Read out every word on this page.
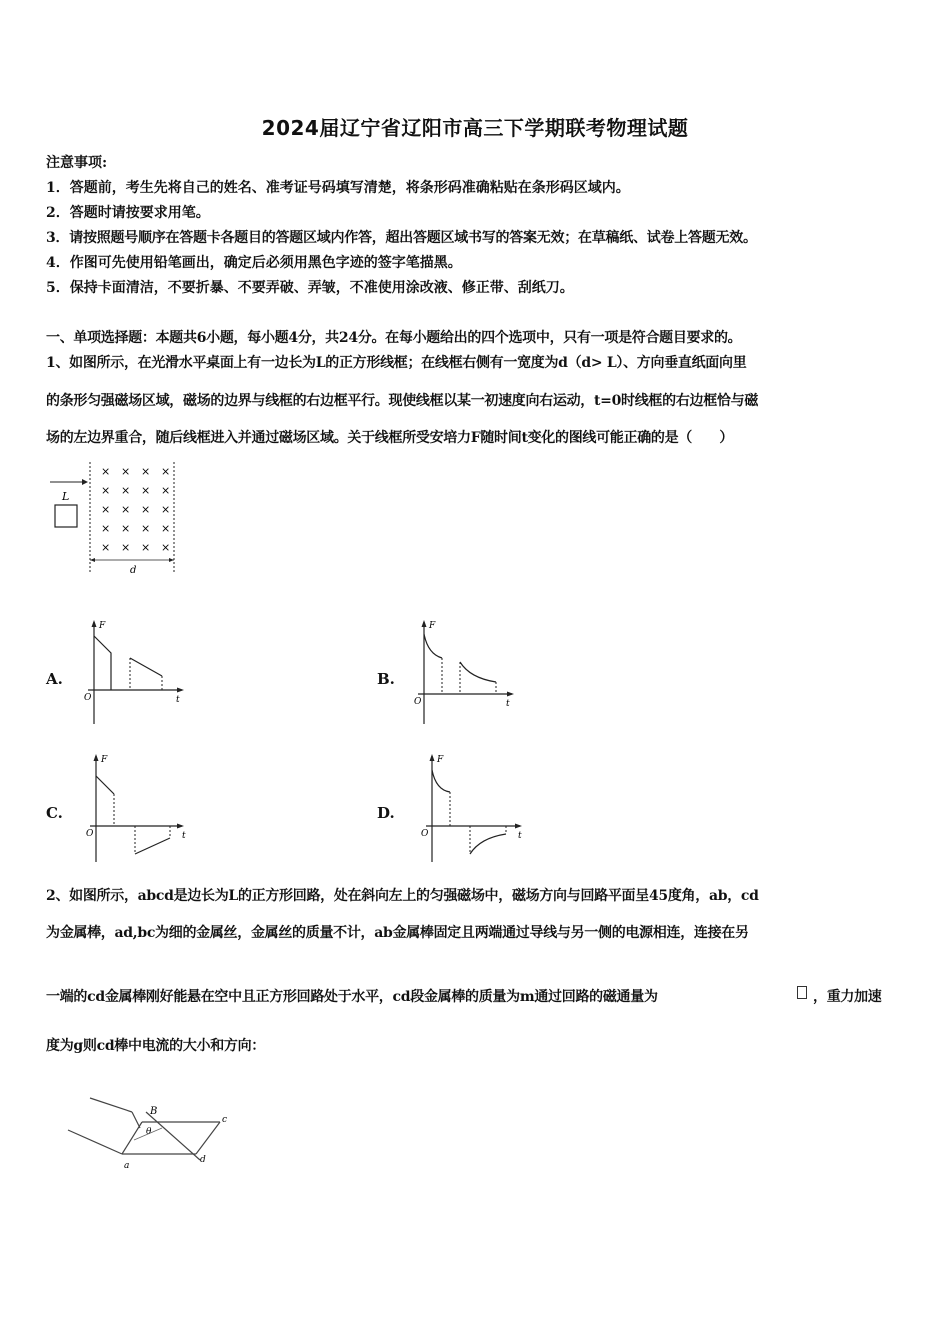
2024届辽宁省辽阳市高三下学期联考物理试题
注意事项:
1．答题前，考生先将自己的姓名、准考证号码填写清楚，将条形码准确粘贴在条形码区域内。
2．答题时请按要求用笔。
3．请按照题号顺序在答题卡各题目的答题区域内作答，超出答题区域书写的答案无效；在草稿纸、试卷上答题无效。
4．作图可先使用铅笔画出，确定后必须用黑色字迹的签字笔描黑。
5．保持卡面清洁，不要折暴、不要弄破、弄皱，不准使用涂改液、修正带、刮纸刀。
一、单项选择题：本题共6小题，每小题4分，共24分。在每小题给出的四个选项中，只有一项是符合题目要求的。
1、如图所示，在光滑水平桌面上有一边长为L的正方形线框；在线框右侧有一宽度为d（d> L）、方向垂直纸面向里
的条形匀强磁场区域，磁场的边界与线框的右边框平行。现使线框以某一初速度向右运动，t=0时线框的右边框恰与磁
场的左边界重合，随后线框进入并通过磁场区域。关于线框所受安培力F随时间t变化的图线可能正确的是（　　）
L
× × × ×
× × × ×
× × × ×
× × × ×
× × × ×
d
A.	B.
C.	D.
F
t
O
F
t
O
F
t
O
F
t
O
2、如图所示，abcd是边长为L的正方形回路，处在斜向左上的匀强磁场中，磁场方向与回路平面呈45度角，ab，cd
为金属棒，ad,bc为细的金属丝，金属丝的质量不计，ab金属棒固定且两端通过导线与另一侧的电源相连，连接在另
一端的cd金属棒刚好能悬在空中且正方形回路处于水平，cd段金属棒的质量为m通过回路的磁通量为	，重力加速
度为g则cd棒中电流的大小和方向：
B
θ
a
c
d
